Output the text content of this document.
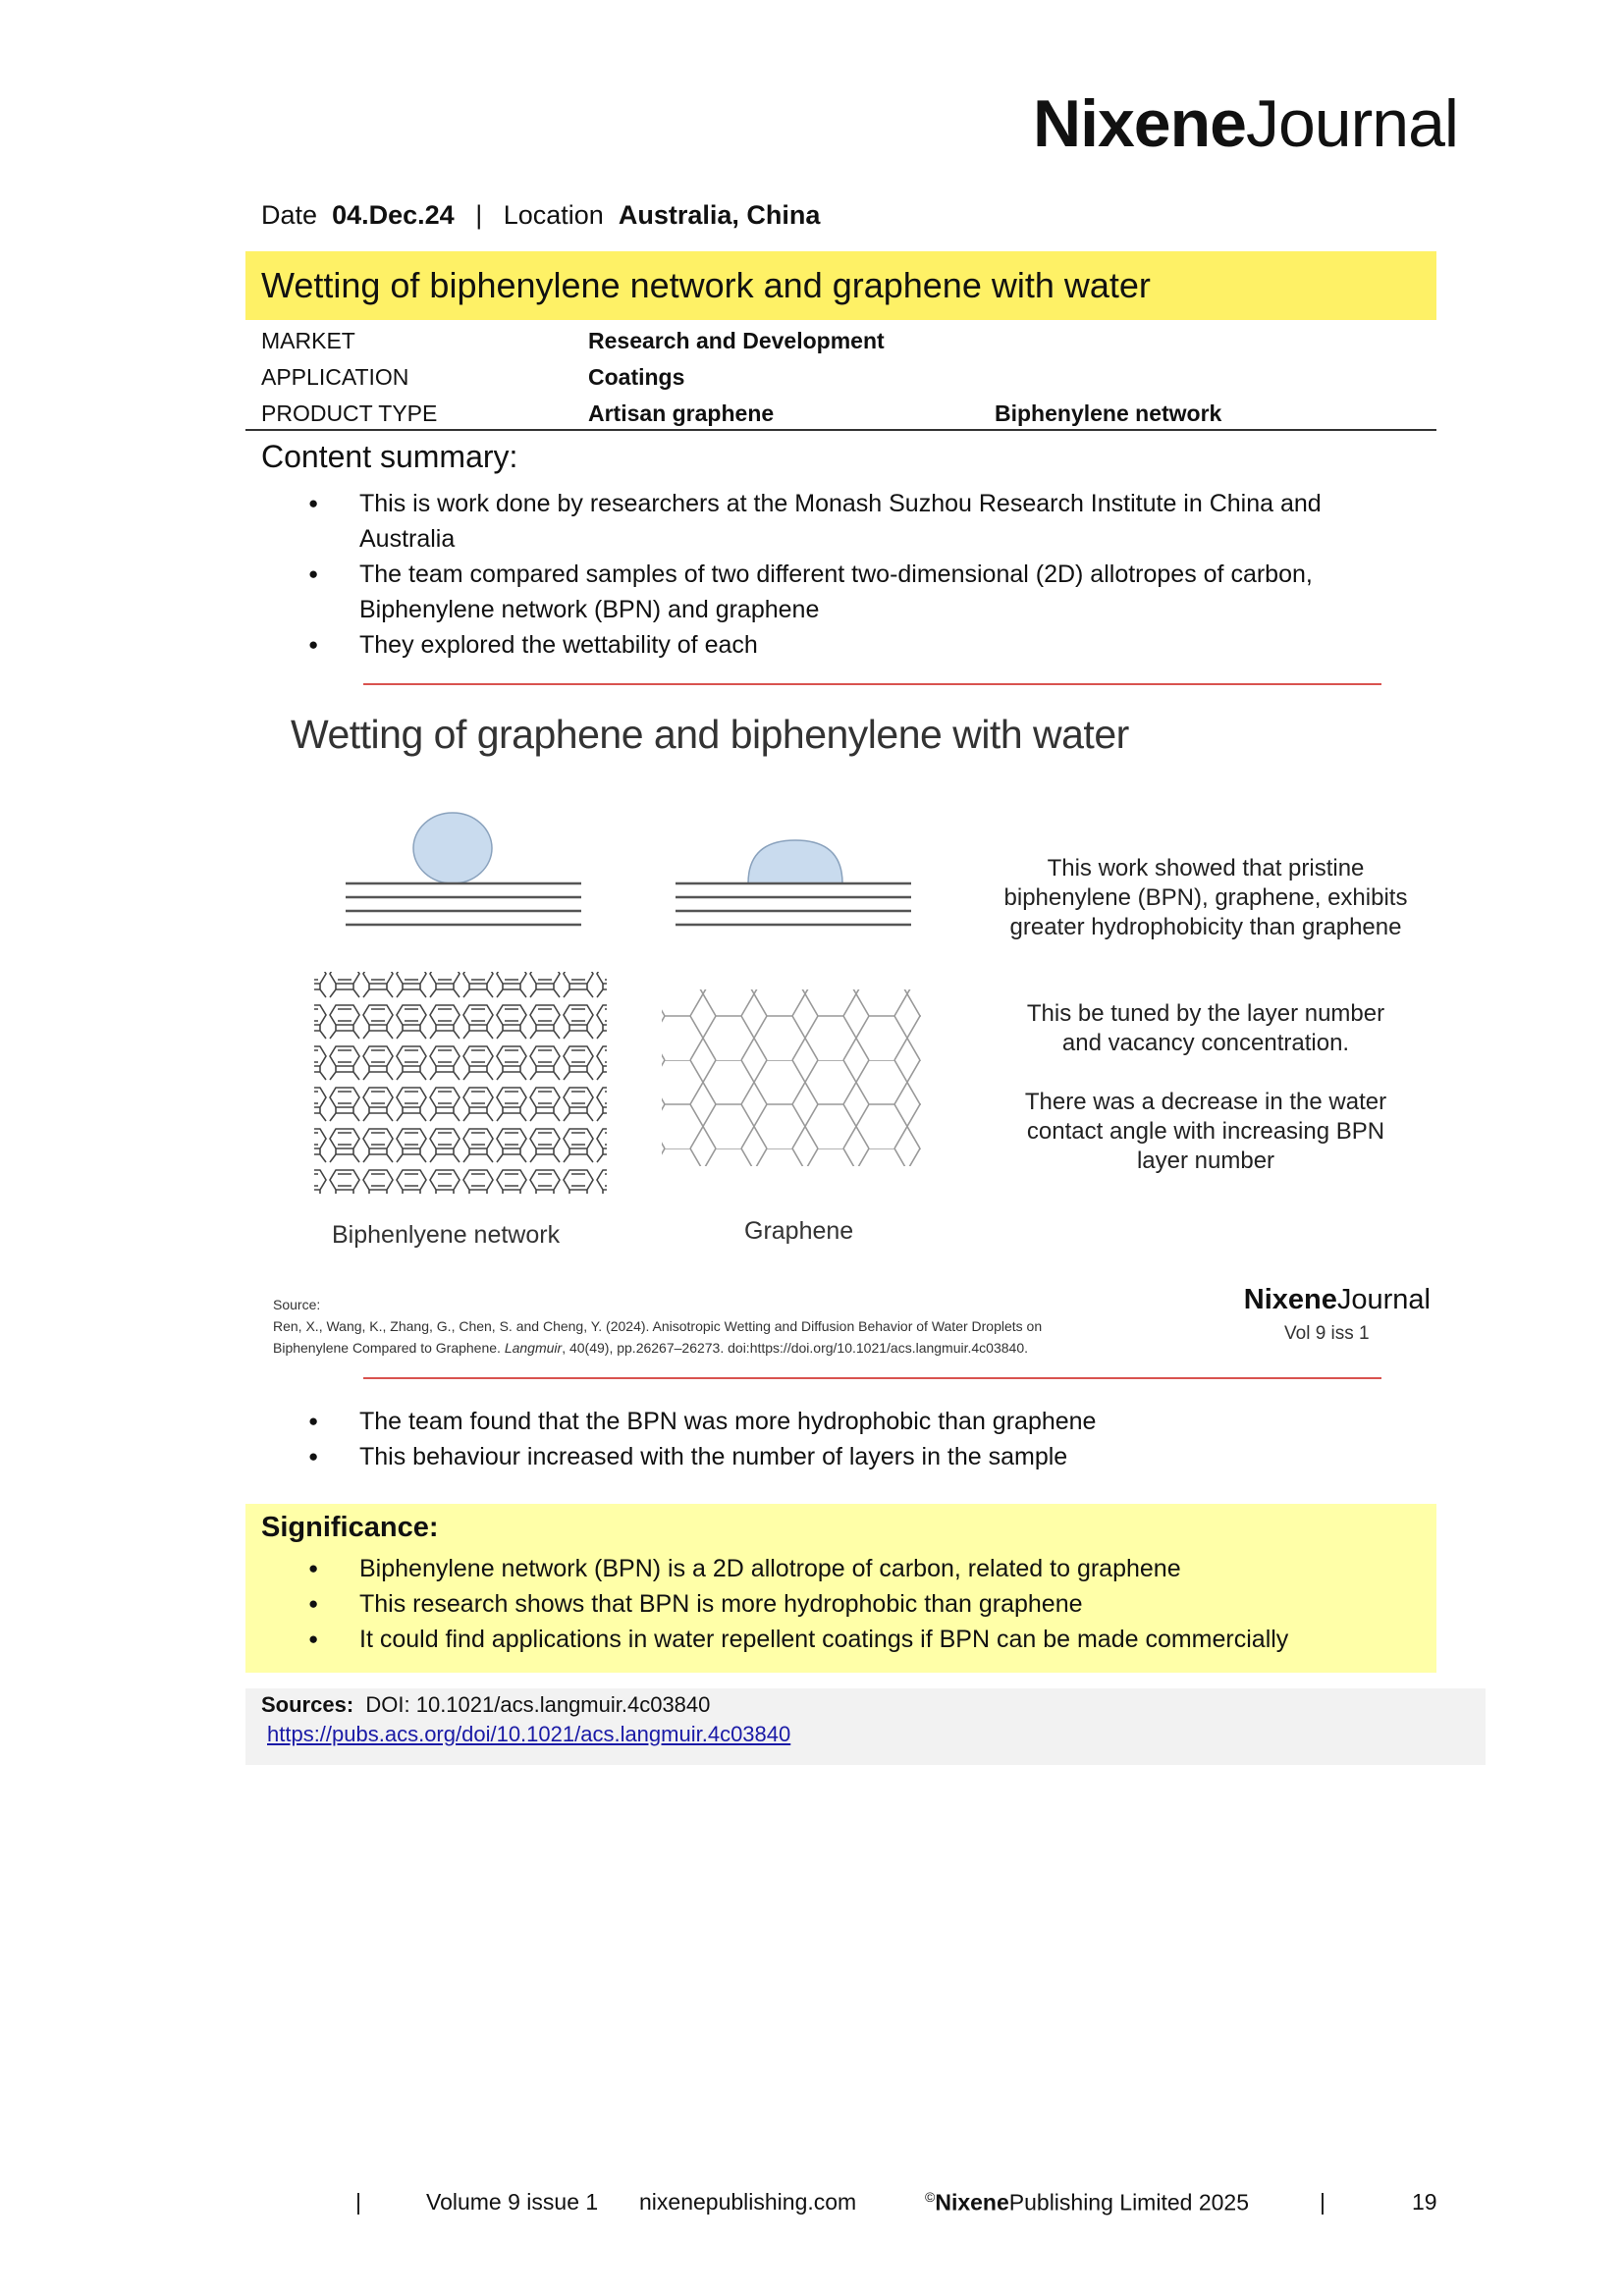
NixeneJournal
Date 04.Dec.24 | Location Australia, China
Wetting of biphenylene network and graphene with water
MARKET	Research and Development
APPLICATION	Coatings
PRODUCT TYPE	Artisan graphene	Biphenylene network
Content summary:
● This is work done by researchers at the Monash Suzhou Research Institute in China and
Australia
● The team compared samples of two different two-dimensional (2D) allotropes of carbon,
Biphenylene network (BPN) and graphene
● They explored the wettability of each
Wetting of graphene and biphenylene with water
Biphenlyene network	Graphene
This work showed that pristine
biphenylene (BPN), graphene, exhibits
greater hydrophobicity than graphene
This be tuned by the layer number
and vacancy concentration.
There was a decrease in the water
contact angle with increasing BPN
layer number
Source:
Ren, X., Wang, K., Zhang, G., Chen, S. and Cheng, Y. (2024). Anisotropic Wetting and Diffusion Behavior of Water Droplets on
Biphenylene Compared to Graphene. Langmuir, 40(49), pp.26267–26273. doi:https://doi.org/10.1021/acs.langmuir.4c03840.
NixeneJournal
Vol 9 iss 1
● The team found that the BPN was more hydrophobic than graphene
● This behaviour increased with the number of layers in the sample
Significance:
● Biphenylene network (BPN) is a 2D allotrope of carbon, related to graphene
● This research shows that BPN is more hydrophobic than graphene
● It could find applications in water repellent coatings if BPN can be made commercially
Sources: DOI: 10.1021/acs.langmuir.4c03840
https://pubs.acs.org/doi/10.1021/acs.langmuir.4c03840
|	Volume 9 issue 1 nixenepublishing.com	©NixenePublishing Limited 2025	|	19
